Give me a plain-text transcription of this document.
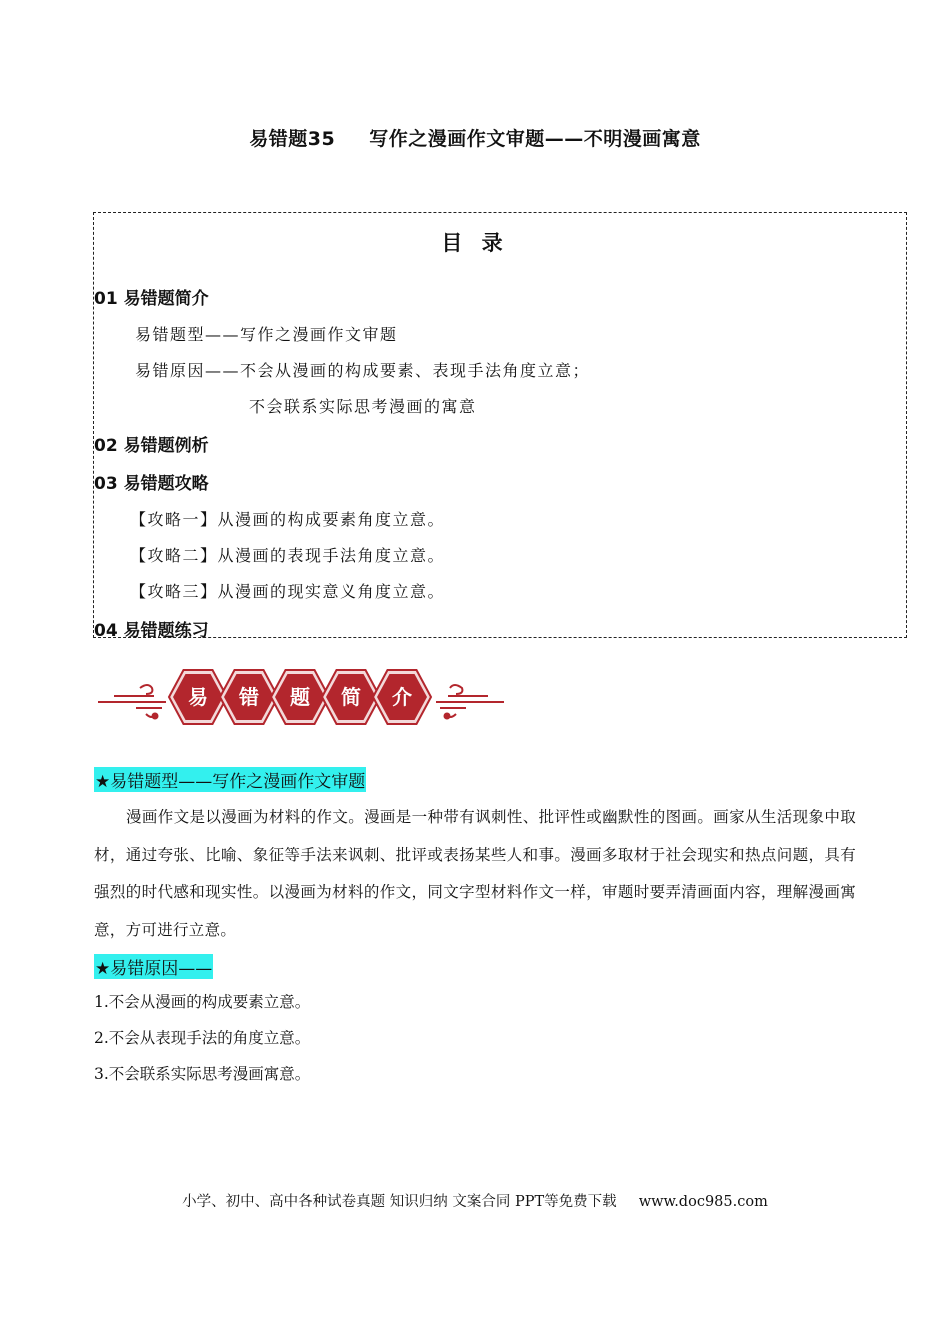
易错题35 写作之漫画作文审题——不明漫画寓意
目 录
01 易错题简介
易错题型——写作之漫画作文审题
易错原因——不会从漫画的构成要素、表现手法角度立意；
不会联系实际思考漫画的寓意
02 易错题例析
03 易错题攻略
【攻略一】从漫画的构成要素角度立意。
【攻略二】从漫画的表现手法角度立意。
【攻略三】从漫画的现实意义角度立意。
04 易错题练习
易 错 题 简 介
★易错题型——写作之漫画作文审题
漫画作文是以漫画为材料的作文。漫画是一种带有讽刺性、批评性或幽默性的图画。画家从生活现象中取材，通过夸张、比喻、象征等手法来讽刺、批评或表扬某些人和事。漫画多取材于社会现实和热点问题，具有强烈的时代感和现实性。以漫画为材料的作文，同文字型材料作文一样，审题时要弄清画面内容，理解漫画寓意，方可进行立意。
★易错原因——
1.不会从漫画的构成要素立意。
2.不会从表现手法的角度立意。
3.不会联系实际思考漫画寓意。
小学、初中、高中各种试卷真题 知识归纳 文案合同 PPT等免费下载 www.doc985.com
